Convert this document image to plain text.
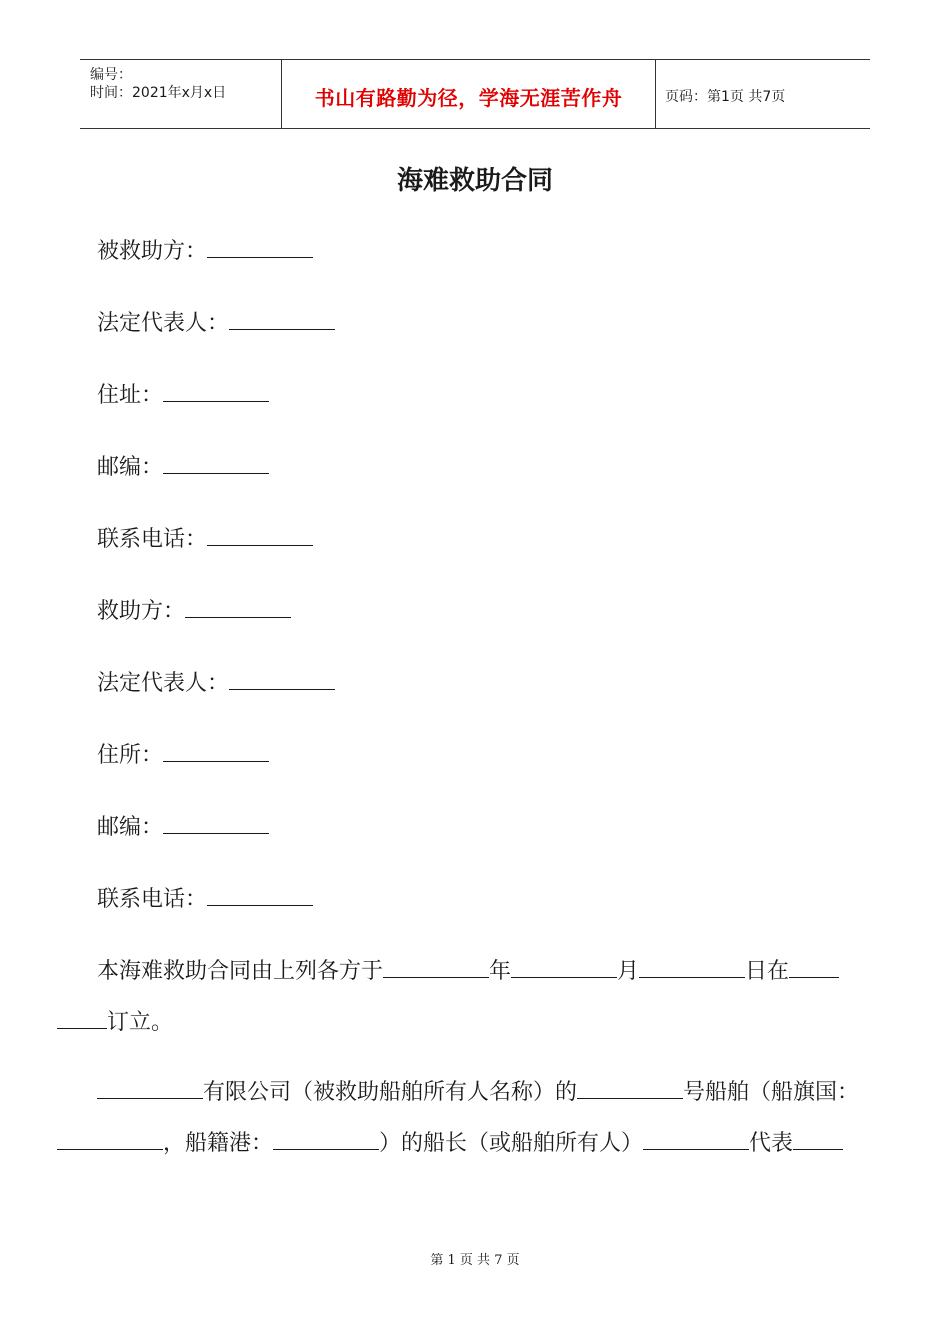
编号：
时间：2021年x月x日	书山有路勤为径，学海无涯苦作舟	页码：第1页 共7页
海难救助合同
被救助方：
法定代表人：
住址：
邮编：
联系电话：
救助方：
法定代表人：
住所：
邮编：
联系电话：
本海难救助合同由上列各方于	年	月	日在
订立。
有限公司（被救助船舶所有人名称）的	号船舶（船旗国：
，船籍港：	）的船长（或船舶所有人）	代表
第 1 页 共 7 页
